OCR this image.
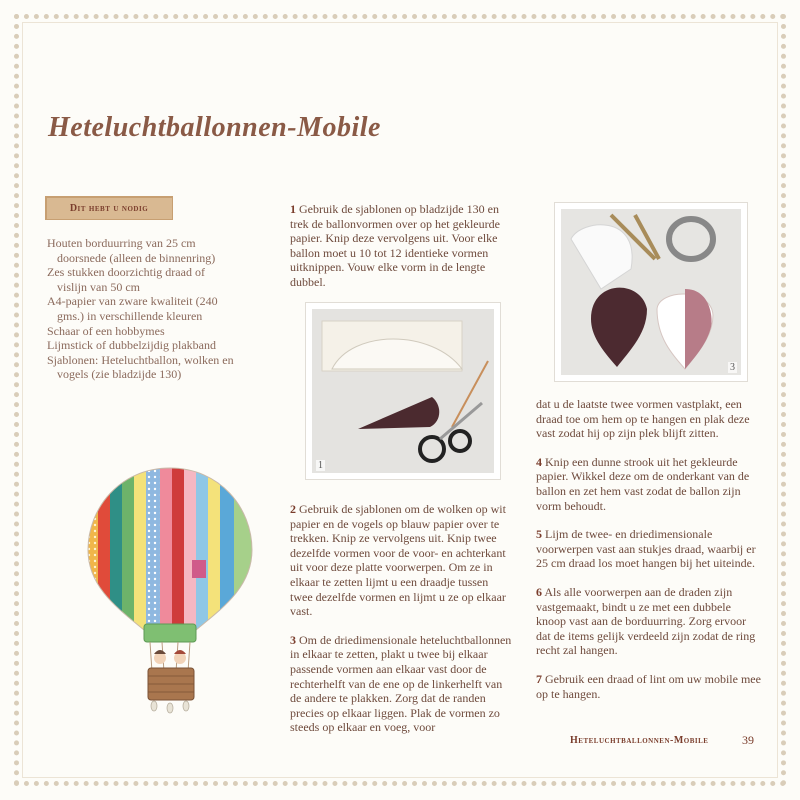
Heteluchtballonnen-Mobile
Dit hebt u nodig
Houten borduurring van 25 cm doorsnede (alleen de binnenring)
Zes stukken doorzichtig draad of vislijn van 50 cm
A4-papier van zware kwaliteit (240 gms.) in verschillende kleuren
Schaar of een hobbymes
Lijmstick of dubbelzijdig plakband
Sjablonen: Heteluchtballon, wolken en vogels (zie bladzijde 130)

1 Gebruik de sjablonen op bladzijde 130 en trek de ballonvormen over op het gekleurde papier. Knip deze vervolgens uit. Voor elke ballon moet u 10 tot 12 identieke vormen uitknippen. Vouw elke vorm in de lengte dubbel.

1

2 Gebruik de sjablonen om de wolken op wit papier en de vogels op blauw papier over te trekken. Knip ze vervolgens uit. Knip twee dezelfde vormen voor de voor- en achterkant uit voor deze platte voorwerpen. Om ze in elkaar te zetten lijmt u een draadje tussen twee dezelfde vormen en lijmt u ze op elkaar vast.

3 Om de driedimensionale heteluchtballonnen in elkaar te zetten, plakt u twee bij elkaar passende vormen aan elkaar vast door de rechterhelft van de ene op de linkerhelft van de andere te plakken. Zorg dat de randen precies op elkaar liggen. Plak de vormen zo steeds op elkaar en voeg, voor

3

dat u de laatste twee vormen vastplakt, een draad toe om hem op te hangen en plak deze vast zodat hij op zijn plek blijft zitten.

4 Knip een dunne strook uit het gekleurde papier. Wikkel deze om de onderkant van de ballon en zet hem vast zodat de ballon zijn vorm behoudt.

5 Lijm de twee- en driedimensionale voorwerpen vast aan stukjes draad, waarbij er 25 cm draad los moet hangen bij het uiteinde.

6 Als alle voorwerpen aan de draden zijn vastgemaakt, bindt u ze met een dubbele knoop vast aan de borduurring. Zorg ervoor dat de items gelijk verdeeld zijn zodat de ring recht zal hangen.

7 Gebruik een draad of lint om uw mobile mee op te hangen.

Heteluchtballonnen-Mobile	39
